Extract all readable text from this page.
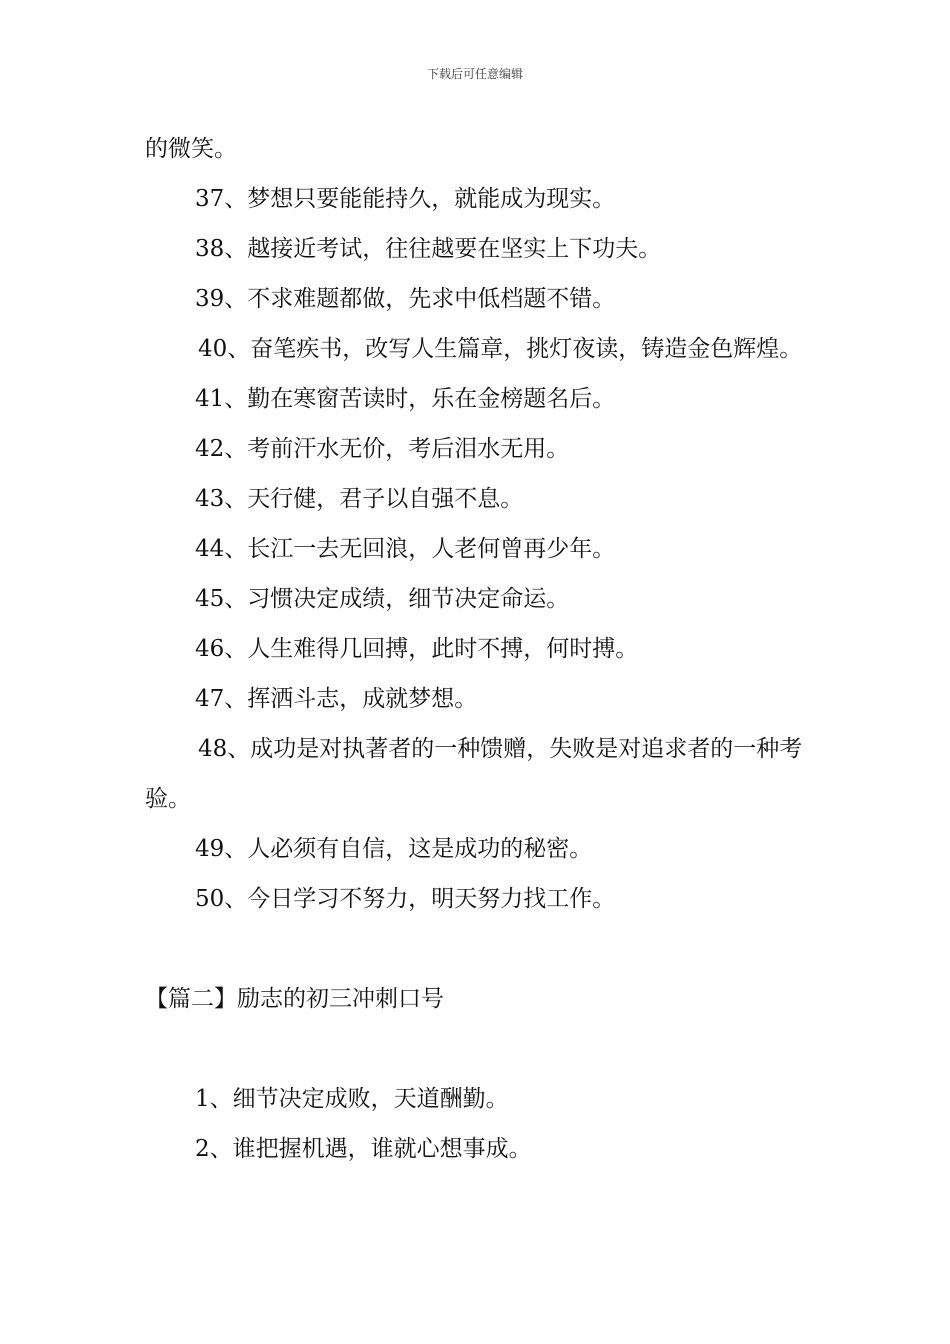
下载后可任意编辑
的微笑。
37、梦想只要能能持久，就能成为现实。
38、越接近考试，往往越要在坚实上下功夫。
39、不求难题都做，先求中低档题不错。
40、奋笔疾书，改写人生篇章，挑灯夜读，铸造金色辉煌。
41、勤在寒窗苦读时，乐在金榜题名后。
42、考前汗水无价，考后泪水无用。
43、天行健，君子以自强不息。
44、长江一去无回浪，人老何曾再少年。
45、习惯决定成绩，细节决定命运。
46、人生难得几回搏，此时不搏，何时搏。
47、挥洒斗志，成就梦想。
48、成功是对执著者的一种馈赠，失败是对追求者的一种考验。
49、人必须有自信，这是成功的秘密。
50、今日学习不努力，明天努力找工作。
【篇二】励志的初三冲刺口号
1、细节决定成败，天道酬勤。
2、谁把握机遇，谁就心想事成。
